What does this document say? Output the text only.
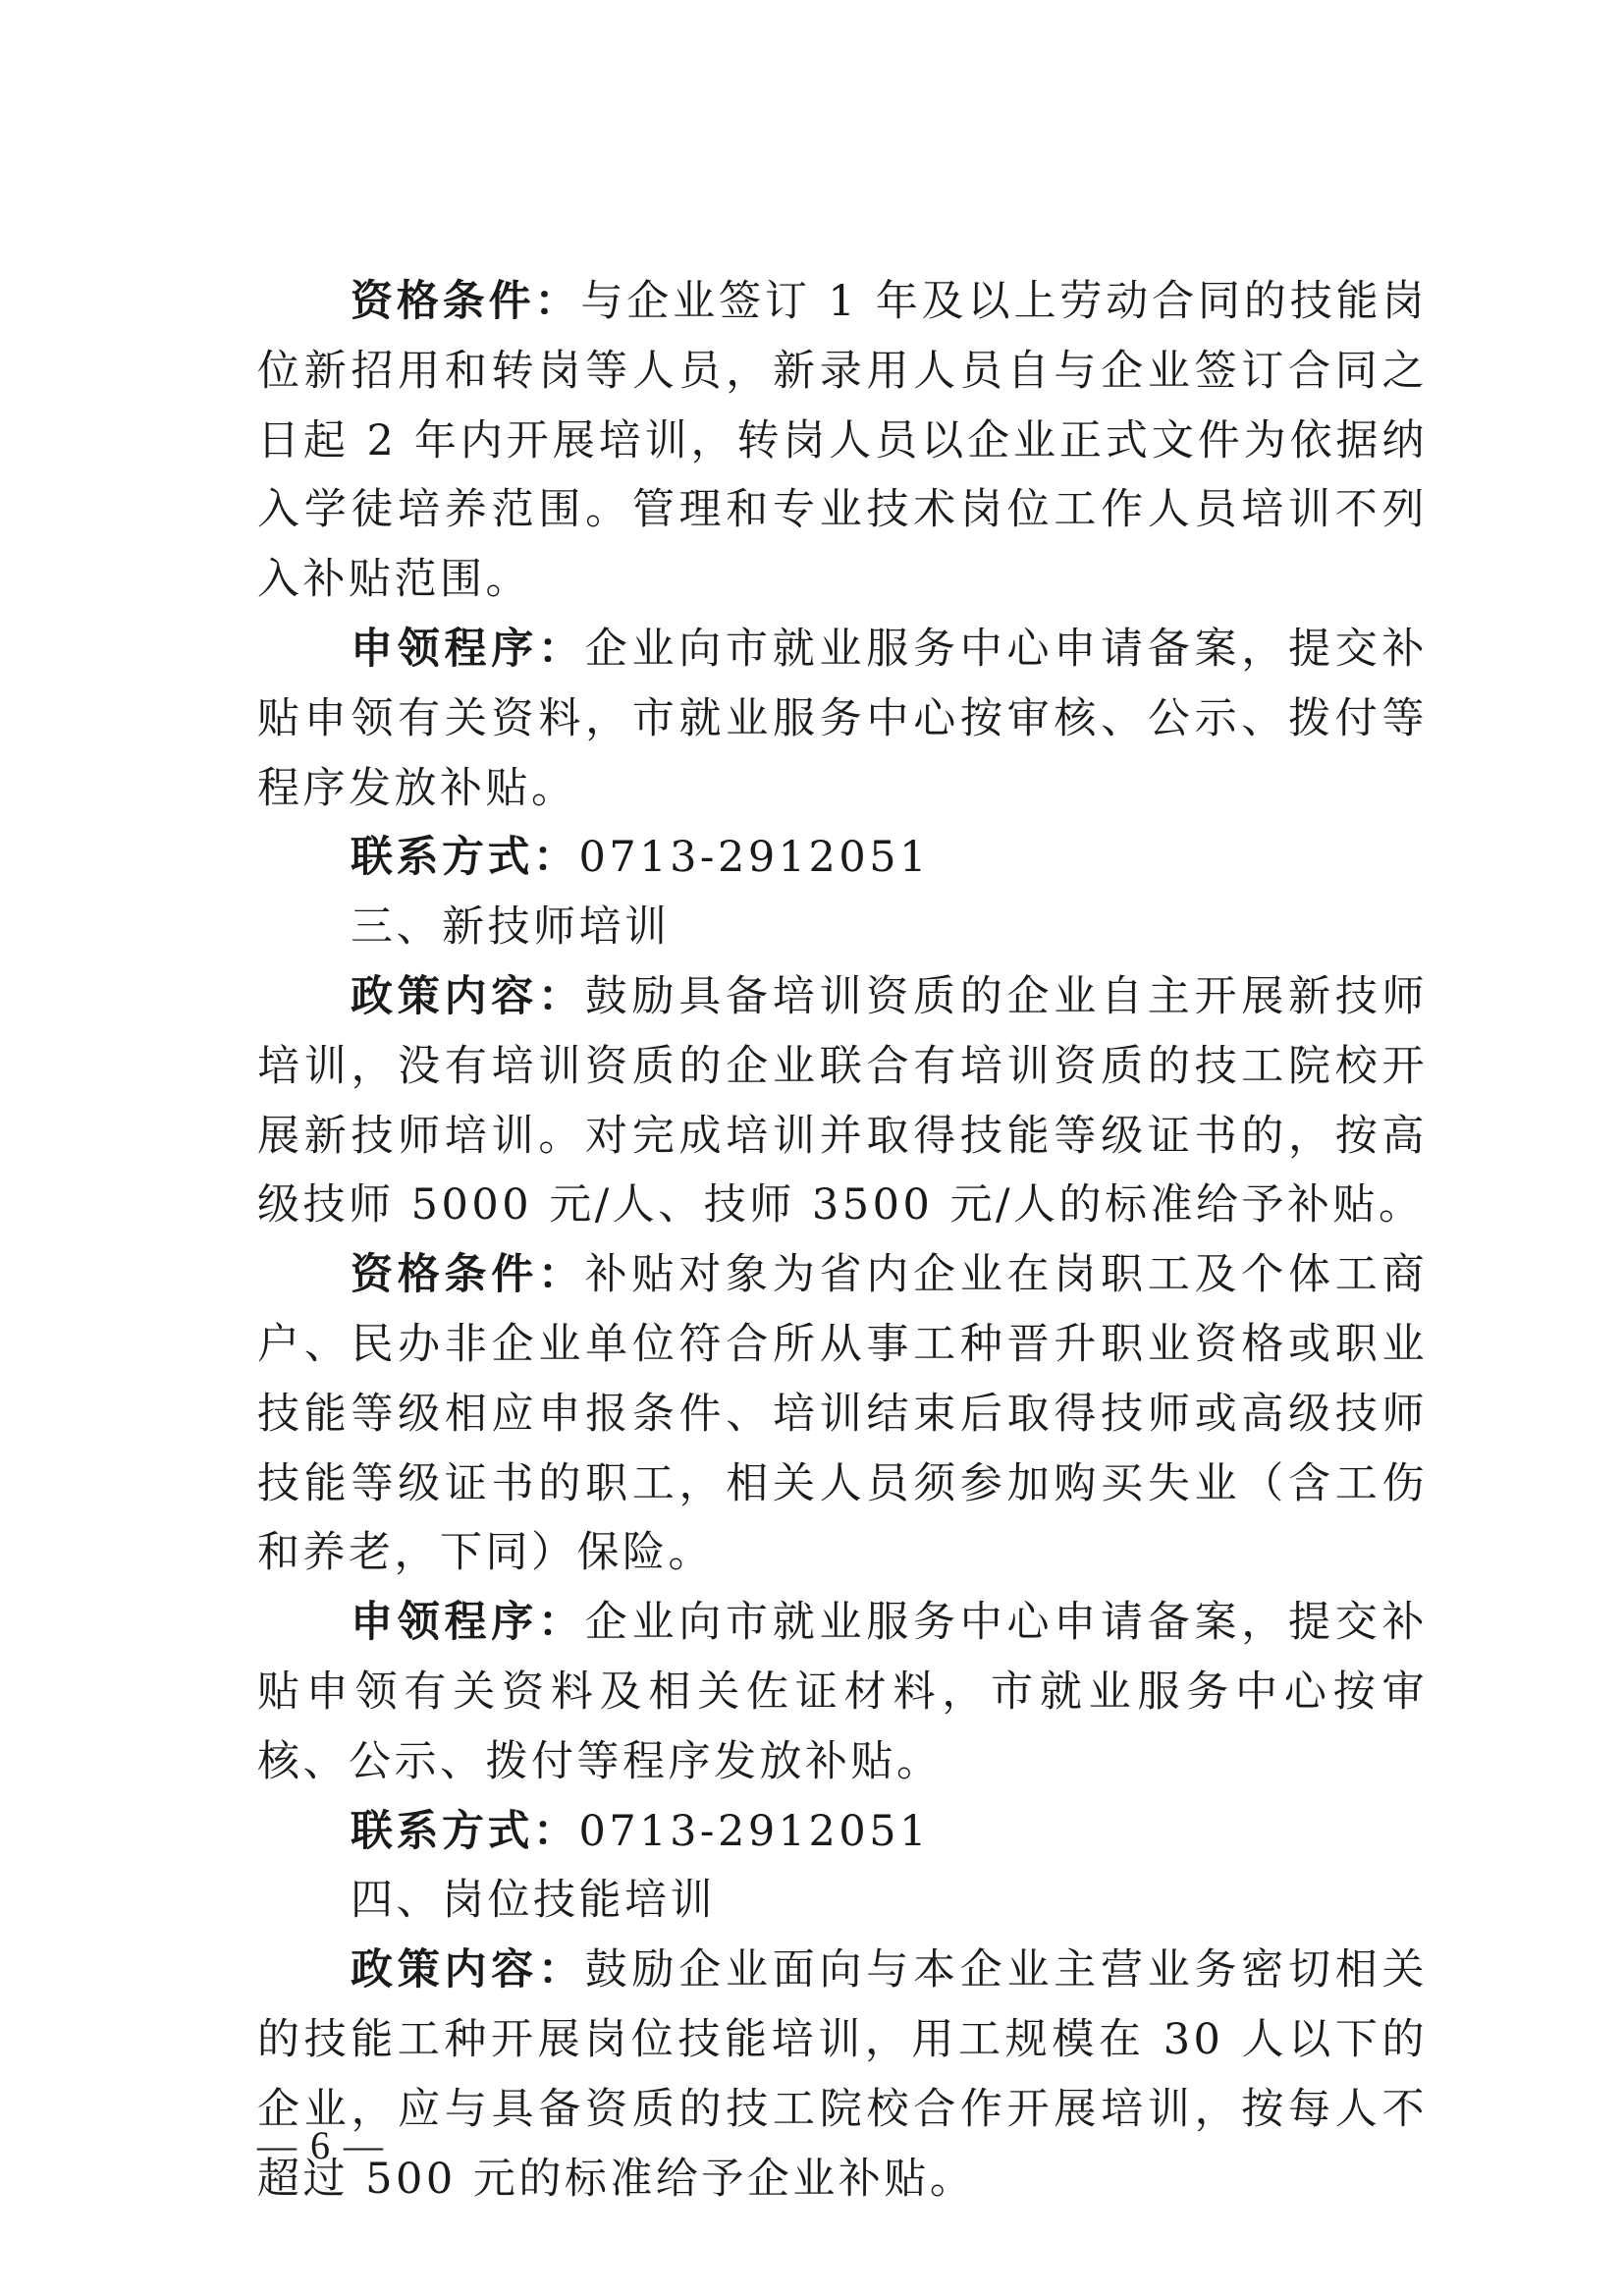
资格条件：与企业签订 1 年及以上劳动合同的技能岗位新招用和转岗等人员，新录用人员自与企业签订合同之日起 2 年内开展培训，转岗人员以企业正式文件为依据纳入学徒培养范围。管理和专业技术岗位工作人员培训不列入补贴范围。

申领程序：企业向市就业服务中心申请备案，提交补贴申领有关资料，市就业服务中心按审核、公示、拨付等程序发放补贴。

联系方式：0713-2912051

三、新技师培训

政策内容：鼓励具备培训资质的企业自主开展新技师培训，没有培训资质的企业联合有培训资质的技工院校开展新技师培训。对完成培训并取得技能等级证书的，按高级技师 5000 元/人、技师 3500 元/人的标准给予补贴。

资格条件：补贴对象为省内企业在岗职工及个体工商户、民办非企业单位符合所从事工种晋升职业资格或职业技能等级相应申报条件、培训结束后取得技师或高级技师技能等级证书的职工，相关人员须参加购买失业（含工伤和养老，下同）保险。

申领程序：企业向市就业服务中心申请备案，提交补贴申领有关资料及相关佐证材料，市就业服务中心按审核、公示、拨付等程序发放补贴。

联系方式：0713-2912051

四、岗位技能培训

政策内容：鼓励企业面向与本企业主营业务密切相关的技能工种开展岗位技能培训，用工规模在 30 人以下的企业，应与具备资质的技工院校合作开展培训，按每人不超过 500 元的标准给予企业补贴。

— 6 —
